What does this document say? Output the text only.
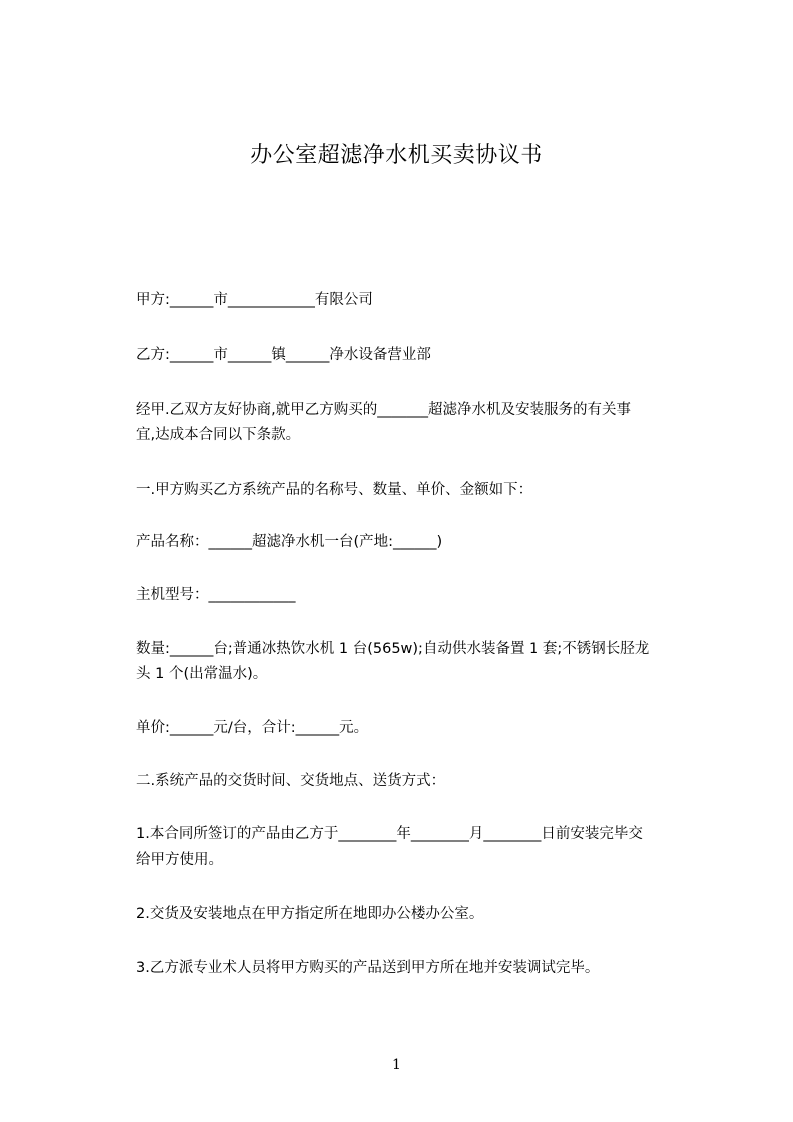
办公室超滤净水机买卖协议书
甲方:______市____________有限公司
乙方:______市______镇______净水设备营业部
经甲.乙双方友好协商,就甲乙方购买的_______超滤净水机及安装服务的有关事
宜,达成本合同以下条款。
一.甲方购买乙方系统产品的名称号、数量、单价、金额如下：
产品名称：______超滤净水机一台(产地:______)
主机型号：____________
数量:______台;普通冰热饮水机 1 台(565w);自动供水装备置 1 套;不锈钢长胫龙
头 1 个(出常温水)。
单价:______元/台，合计:______元。
二.系统产品的交货时间、交货地点、送货方式：
1.本合同所签订的产品由乙方于________年________月________日前安装完毕交
给甲方使用。
2.交货及安装地点在甲方指定所在地即办公楼办公室。
3.乙方派专业术人员将甲方购买的产品送到甲方所在地并安装调试完毕。
1
